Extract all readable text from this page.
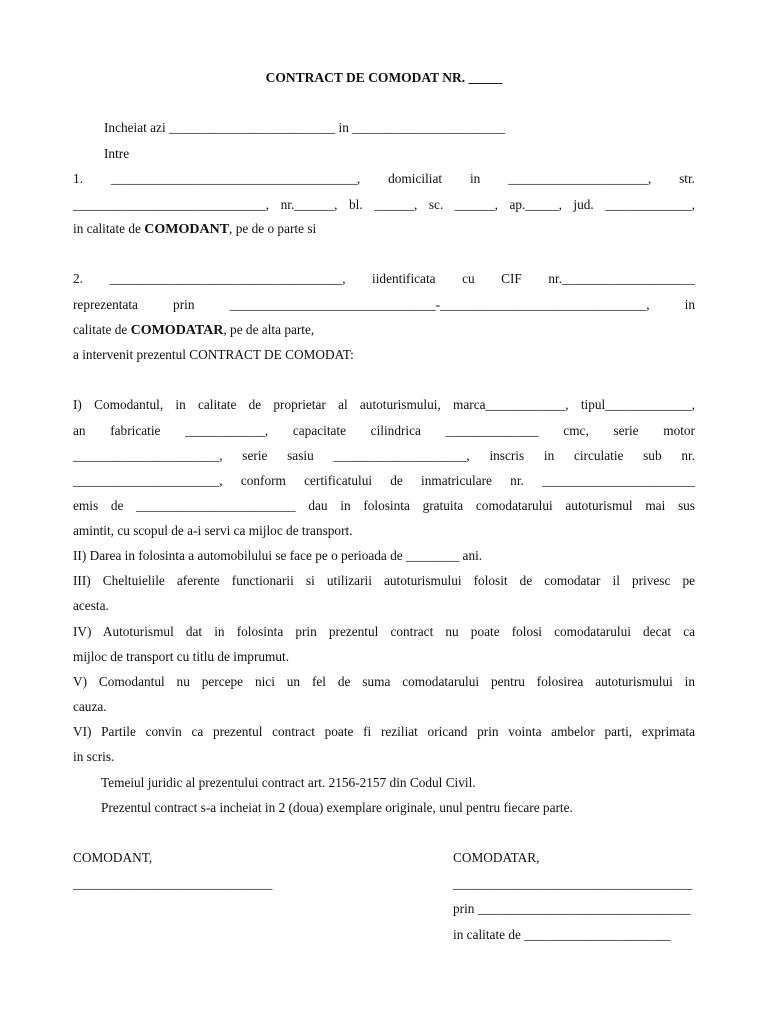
CONTRACT DE COMODAT NR. _____
Incheiat azi _________________________ in _______________________
Intre
1. _____________________________________, domiciliat in _____________________, str.
_____________________________, nr.______, bl. ______, sc. ______, ap._____, jud. _____________,
in calitate de COMODANT, pe de o parte si
2. ___________________________________, iidentificata cu CIF nr.____________________
reprezentata prin _______________________________-_______________________________, in
calitate de COMODATAR, pe de alta parte,
a intervenit prezentul CONTRACT DE COMODAT:
I) Comodantul, in calitate de proprietar al autoturismului, marca____________, tipul_____________,
an fabricatie ____________, capacitate cilindrica ______________ cmc, serie motor
______________________, serie sasiu ____________________, inscris in circulatie sub nr.
______________________, conform certificatului de inmatriculare nr. _______________________
emis de ________________________ dau in folosinta gratuita comodatarului autoturismul mai sus
amintit, cu scopul de a-i servi ca mijloc de transport.
II) Darea in folosinta a automobilului se face pe o perioada de ________ ani.
III) Cheltuielile aferente functionarii si utilizarii autoturismului folosit de comodatar il privesc pe
acesta.
IV) Autoturismul dat in folosinta prin prezentul contract nu poate folosi comodatarului decat ca
mijloc de transport cu titlu de imprumut.
V) Comodantul nu percepe nici un fel de suma comodatarului pentru folosirea autoturismului in
cauza.
VI) Partile convin ca prezentul contract poate fi reziliat oricand prin vointa ambelor parti, exprimata
in scris.
Temeiul juridic al prezentului contract art. 2156-2157 din Codul Civil.
Prezentul contract s-a incheiat in 2 (doua) exemplare originale, unul pentru fiecare parte.
COMODANT,
______________________________
COMODATAR,
____________________________________
prin ________________________________
in calitate de ______________________
